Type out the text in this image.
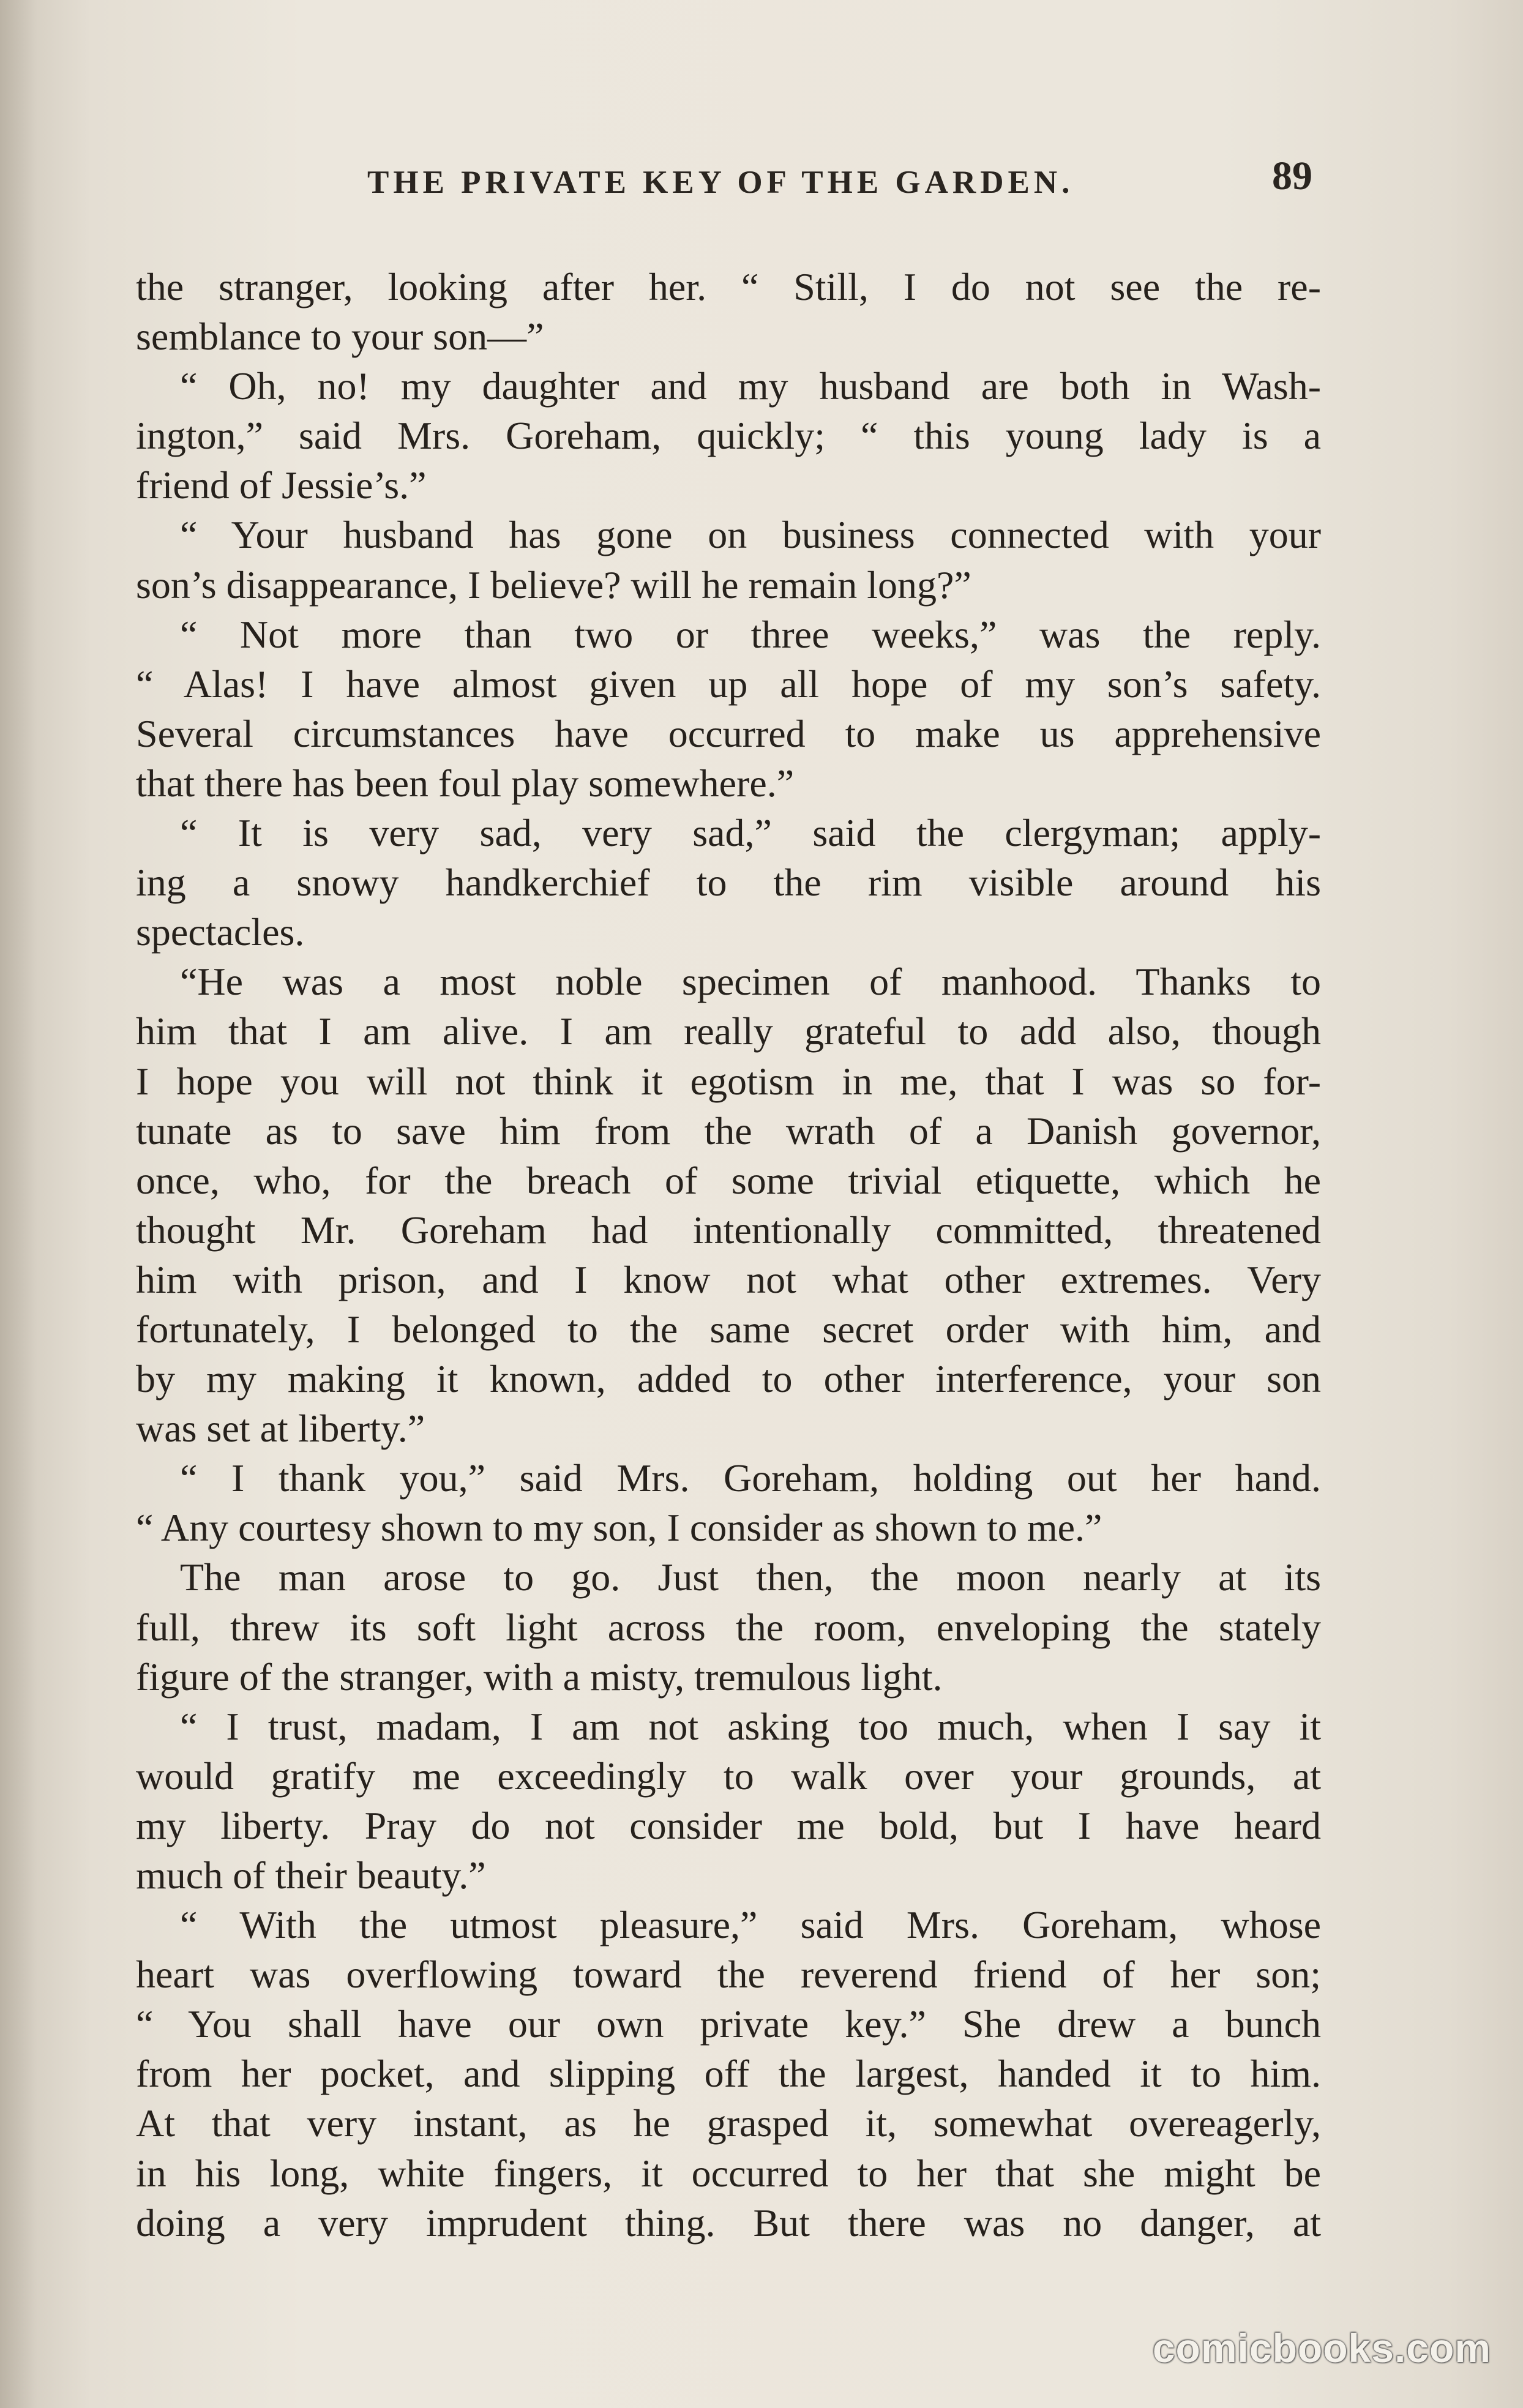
THE PRIVATE KEY OF THE GARDEN.	89
the stranger, looking after her. “ Still, I do not see the re-
semblance to your son—”
“ Oh, no! my daughter and my husband are both in Wash-
ington,” said Mrs. Goreham, quickly; “ this young lady is a
friend of Jessie’s.”
“ Your husband has gone on business connected with your
son’s disappearance, I believe? will he remain long?”
“ Not more than two or three weeks,” was the reply.
“ Alas! I have almost given up all hope of my son’s safety.
Several circumstances have occurred to make us apprehensive
that there has been foul play somewhere.”
“ It is very sad, very sad,” said the clergyman; apply-
ing a snowy handkerchief to the rim visible around his
spectacles.
“He was a most noble specimen of manhood. Thanks to
him that I am alive. I am really grateful to add also, though
I hope you will not think it egotism in me, that I was so for-
tunate as to save him from the wrath of a Danish governor,
once, who, for the breach of some trivial etiquette, which he
thought Mr. Goreham had intentionally committed, threatened
him with prison, and I know not what other extremes. Very
fortunately, I belonged to the same secret order with him, and
by my making it known, added to other interference, your son
was set at liberty.”
“ I thank you,” said Mrs. Goreham, holding out her hand.
“ Any courtesy shown to my son, I consider as shown to me.”
The man arose to go. Just then, the moon nearly at its
full, threw its soft light across the room, enveloping the stately
figure of the stranger, with a misty, tremulous light.
“ I trust, madam, I am not asking too much, when I say it
would gratify me exceedingly to walk over your grounds, at
my liberty. Pray do not consider me bold, but I have heard
much of their beauty.”
“ With the utmost pleasure,” said Mrs. Goreham, whose
heart was overflowing toward the reverend friend of her son;
“ You shall have our own private key.” She drew a bunch
from her pocket, and slipping off the largest, handed it to him.
At that very instant, as he grasped it, somewhat overeagerly,
in his long, white fingers, it occurred to her that she might be
doing a very imprudent thing. But there was no danger, at
comicbooks.com
